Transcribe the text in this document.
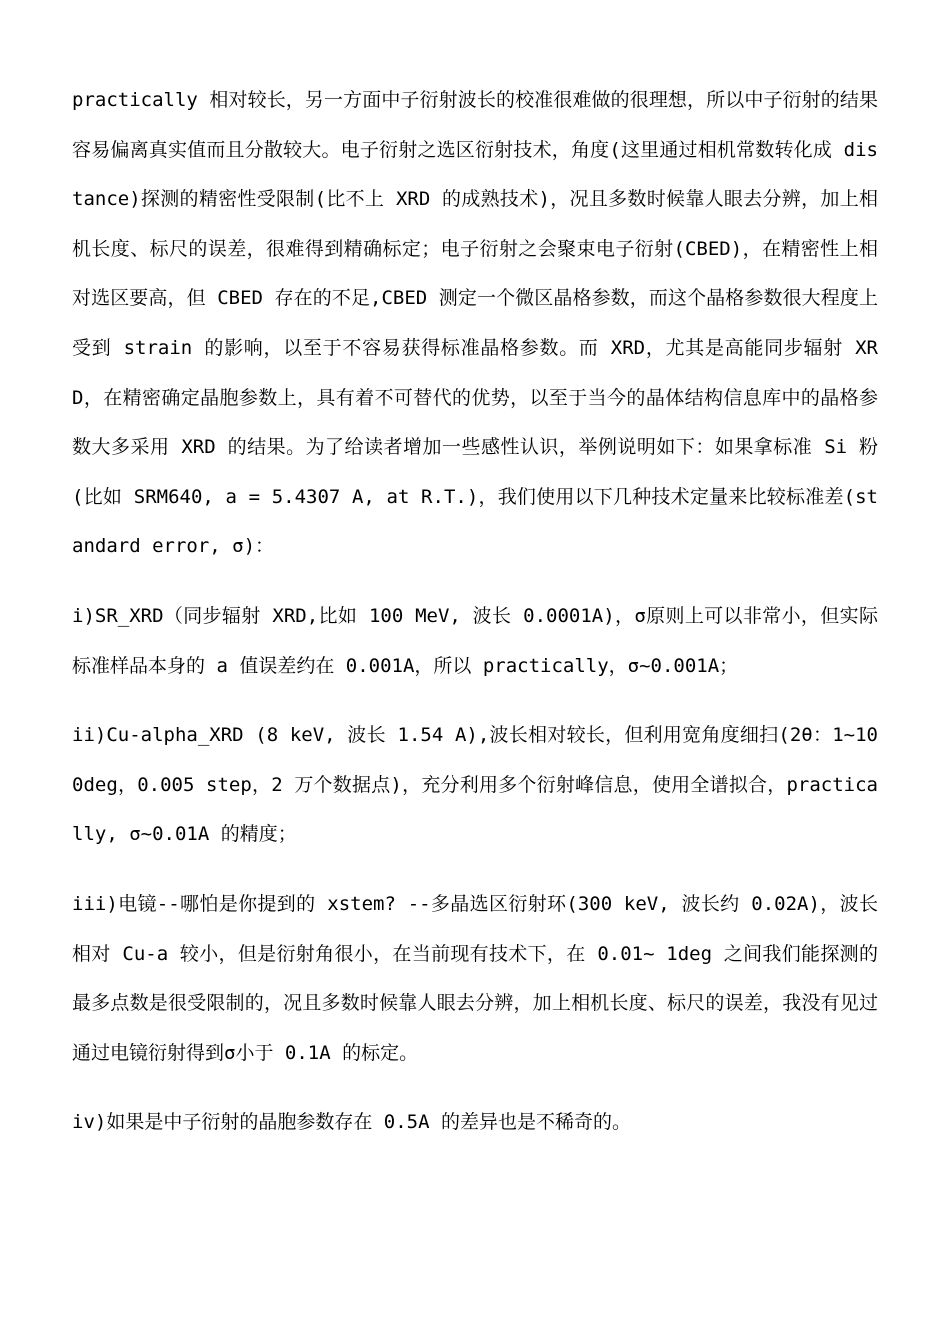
practically 相对较长，另一方面中子衍射波长的校准很难做的很理想，所以中子衍射的结果容易偏离真实值而且分散较大。电子衍射之选区衍射技术，角度(这里通过相机常数转化成 distance)探测的精密性受限制(比不上 XRD 的成熟技术)，况且多数时候靠人眼去分辨，加上相机长度、标尺的误差，很难得到精确标定；电子衍射之会聚束电子衍射(CBED)，在精密性上相对选区要高，但 CBED 存在的不足,CBED 测定一个微区晶格参数，而这个晶格参数很大程度上受到 strain 的影响，以至于不容易获得标准晶格参数。而 XRD，尤其是高能同步辐射 XRD，在精密确定晶胞参数上，具有着不可替代的优势，以至于当今的晶体结构信息库中的晶格参数大多采用 XRD 的结果。为了给读者增加一些感性认识，举例说明如下：如果拿标准 Si 粉(比如 SRM640, a = 5.4307 A, at R.T.)，我们使用以下几种技术定量来比较标准差(standard error, σ)：

i)SR_XRD（同步辐射 XRD,比如 100 MeV, 波长 0.0001A)，σ原则上可以非常小，但实际标准样品本身的 a 值误差约在 0.001A，所以 practically，σ~0.001A；

ii)Cu-alpha_XRD (8 keV, 波长 1.54 A),波长相对较长，但利用宽角度细扫(2θ：1~100deg，0.005 step，2 万个数据点)，充分利用多个衍射峰信息，使用全谱拟合，practically, σ~0.01A 的精度；

iii)电镜--哪怕是你提到的 xstem? --多晶选区衍射环(300 keV, 波长约 0.02A)，波长相对 Cu-a 较小，但是衍射角很小，在当前现有技术下，在 0.01~ 1deg 之间我们能探测的最多点数是很受限制的，况且多数时候靠人眼去分辨，加上相机长度、标尺的误差，我没有见过通过电镜衍射得到σ小于 0.1A 的标定。

iv)如果是中子衍射的晶胞参数存在 0.5A 的差异也是不稀奇的。
